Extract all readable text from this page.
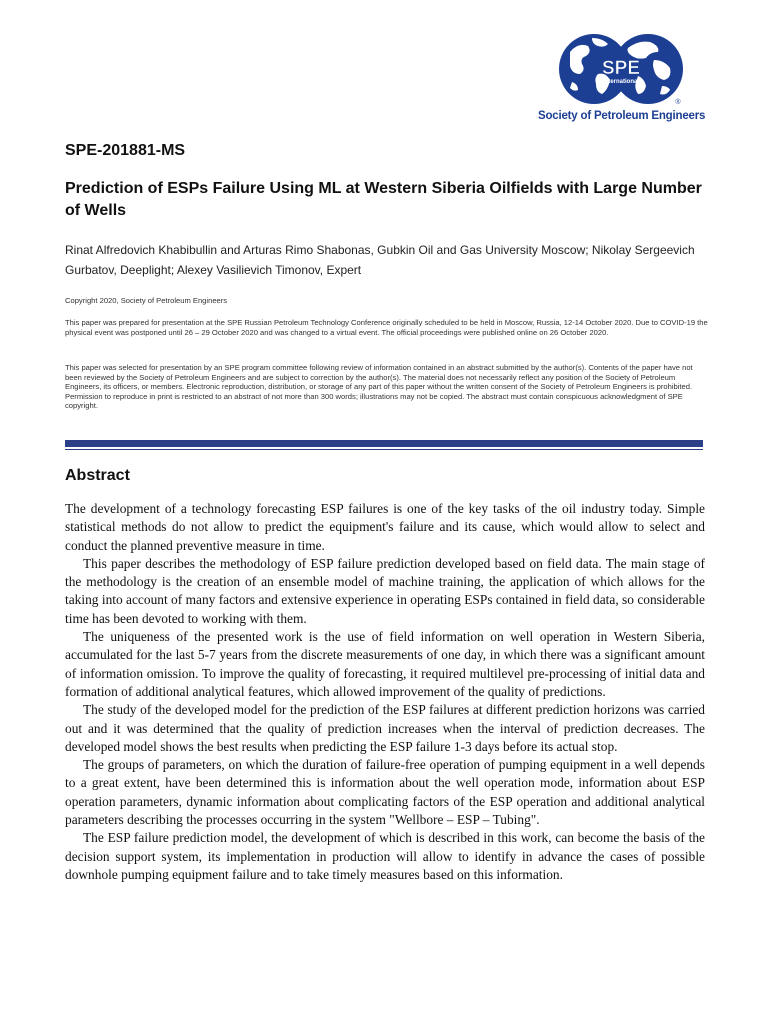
SPE
International
®
Society of Petroleum Engineers
SPE-201881-MS
Prediction of ESPs Failure Using ML at Western Siberia Oilfields with Large Number of Wells

Rinat Alfredovich Khabibullin and Arturas Rimo Shabonas, Gubkin Oil and Gas University Moscow; Nikolay Sergeevich Gurbatov, Deeplight; Alexey Vasilievich Timonov, Expert

Copyright 2020, Society of Petroleum Engineers

This paper was prepared for presentation at the SPE Russian Petroleum Technology Conference originally scheduled to be held in Moscow, Russia, 12-14 October 2020. Due to COVID-19 the physical event was postponed until 26 – 29 October 2020 and was changed to a virtual event. The official proceedings were published online on 26 October 2020.

This paper was selected for presentation by an SPE program committee following review of information contained in an abstract submitted by the author(s). Contents of the paper have not been reviewed by the Society of Petroleum Engineers and are subject to correction by the author(s). The material does not necessarily reflect any position of the Society of Petroleum Engineers, its officers, or members. Electronic reproduction, distribution, or storage of any part of this paper without the written consent of the Society of Petroleum Engineers is prohibited. Permission to reproduce in print is restricted to an abstract of not more than 300 words; illustrations may not be copied. The abstract must contain conspicuous acknowledgment of SPE copyright.

Abstract

The development of a technology forecasting ESP failures is one of the key tasks of the oil industry today. Simple statistical methods do not allow to predict the equipment's failure and its cause, which would allow to select and conduct the planned preventive measure in time.

This paper describes the methodology of ESP failure prediction developed based on field data. The main stage of the methodology is the creation of an ensemble model of machine training, the application of which allows for the taking into account of many factors and extensive experience in operating ESPs contained in field data, so considerable time has been devoted to working with them.

The uniqueness of the presented work is the use of field information on well operation in Western Siberia, accumulated for the last 5-7 years from the discrete measurements of one day, in which there was a significant amount of information omission. To improve the quality of forecasting, it required multilevel pre-processing of initial data and formation of additional analytical features, which allowed improvement of the quality of predictions.

The study of the developed model for the prediction of the ESP failures at different prediction horizons was carried out and it was determined that the quality of prediction increases when the interval of prediction decreases. The developed model shows the best results when predicting the ESP failure 1-3 days before its actual stop.

The groups of parameters, on which the duration of failure-free operation of pumping equipment in a well depends to a great extent, have been determined this is information about the well operation mode, information about ESP operation parameters, dynamic information about complicating factors of the ESP operation and additional analytical parameters describing the processes occurring in the system "Wellbore – ESP – Tubing".

The ESP failure prediction model, the development of which is described in this work, can become the basis of the decision support system, its implementation in production will allow to identify in advance the cases of possible downhole pumping equipment failure and to take timely measures based on this information.
